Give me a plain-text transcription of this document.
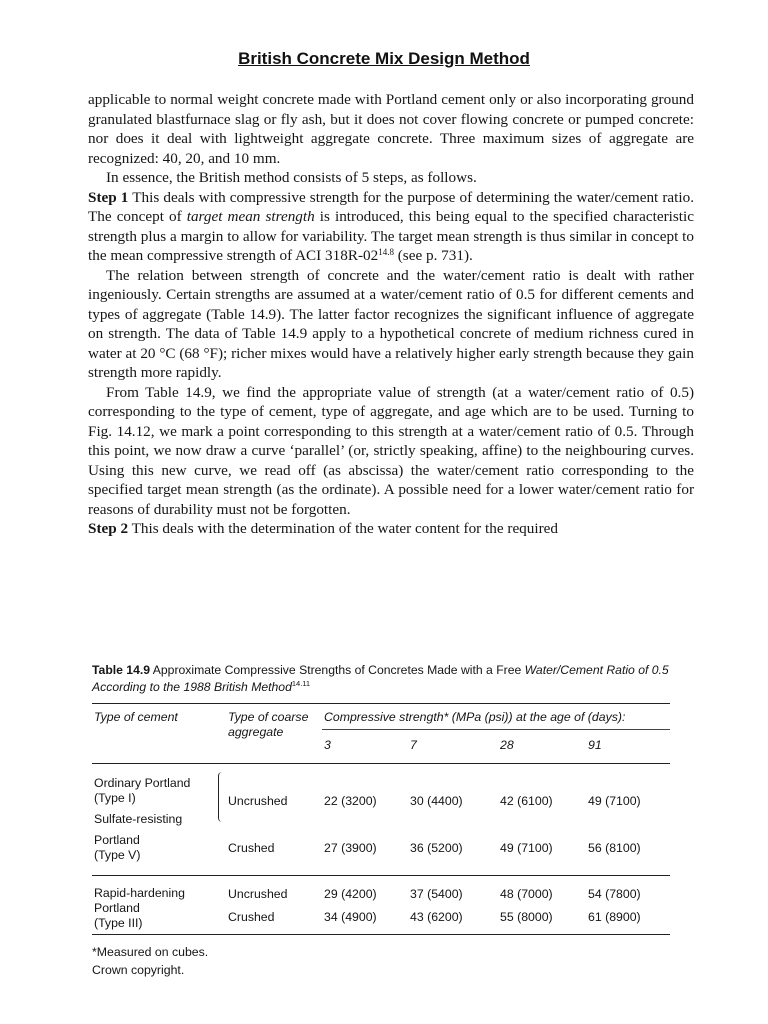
British Concrete Mix Design Method

applicable to normal weight concrete made with Portland cement only or also incorporating ground granulated blastfurnace slag or fly ash, but it does not cover flowing concrete or pumped concrete: nor does it deal with lightweight aggregate concrete. Three maximum sizes of aggregate are recognized: 40, 20, and 10 mm.

In essence, the British method consists of 5 steps, as follows.

Step 1 This deals with compressive strength for the purpose of determining the water/cement ratio. The concept of target mean strength is introduced, this being equal to the specified characteristic strength plus a margin to allow for variability. The target mean strength is thus similar in concept to the mean compressive strength of ACI $318R-02^{14.8}$ (see p. 731).

The relation between strength of concrete and the water/cement ratio is dealt with rather ingeniously. Certain strengths are assumed at a water/cement ratio of 0.5 for different cements and types of aggregate (Table 14.9). The latter factor recognizes the significant influence of aggregate on strength. The data of Table 14.9 apply to a hypothetical concrete of medium richness cured in water at 20 °C (68 °F); richer mixes would have a relatively higher early strength because they gain strength more rapidly.

From Table 14.9, we find the appropriate value of strength (at a water/cement ratio of 0.5) corresponding to the type of cement, type of aggregate, and age which are to be used. Turning to Fig. 14.12, we mark a point corresponding to this strength at a water/cement ratio of 0.5. Through this point, we now draw a curve ‘parallel’ (or, strictly speaking, affine) to the neighbouring curves. Using this new curve, we read off (as abscissa) the water/cement ratio corresponding to the specified target mean strength (as the ordinate). A possible need for a lower water/cement ratio for reasons of durability must not be forgotten.

Step 2 This deals with the determination of the water content for the required

Table 14.9 Approximate Compressive Strengths of Concretes Made with a Free Water/Cement Ratio of 0.5 According to the 1988 British Method$^{14.11}$

Type of cement	Type of coarse aggregate	Compressive strength* (MPa (psi)) at the age of (days):			
		3	7	28	91
Ordinary Portland
(Type I)	Uncrushed	22 (3200)	30 (4400)	42 (6100)	49 (7100)
Sulfate-resisting					
Portland
(Type V)	Crushed	27 (3900)	36 (5200)	49 (7100)	56 (8100)
Rapid-hardening
Portland
(Type III)	Uncrushed	29 (4200)	37 (5400)	48 (7000)	54 (7800)
	Crushed	34 (4900)	43 (6200)	55 (8000)	61 (8900)

*Measured on cubes.

Crown copyright.
